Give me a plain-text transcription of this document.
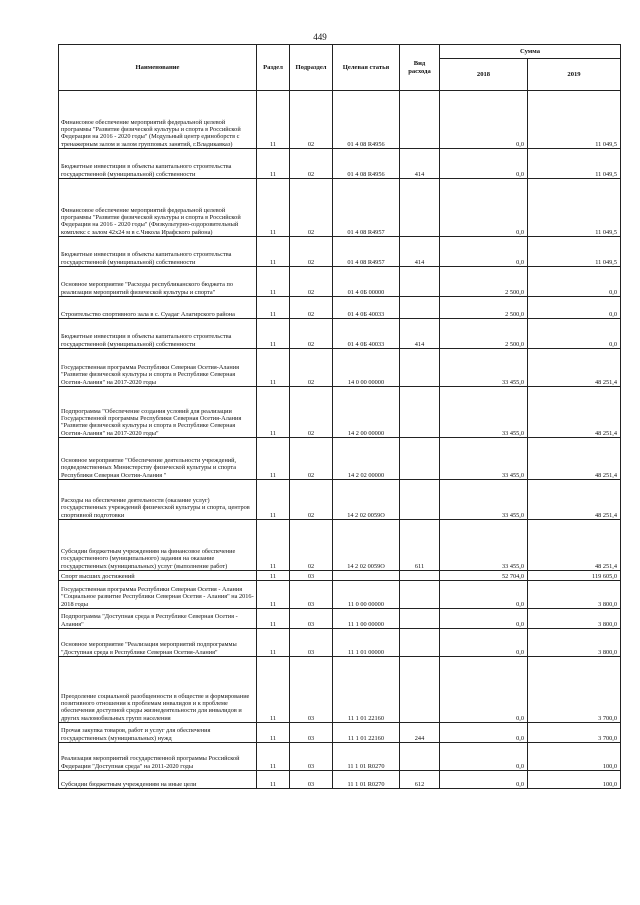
449
Наименование	Раздел	Подраздел	Целевая статья	Вид расхода	Сумма	
					2018	2019
Финансовое обеспечение мероприятий федеральной целевой программы "Развитие физической культуры и спорта в Российской Федерации на 2016 - 2020 годы" (Модульный центр единоборств с тренажерным залом и залом групповых занятий, г.Владикавказ)	11	02	01 4 08 R4956		0,0	11 049,5
Бюджетные инвестиции в объекты капитального строительства государственной (муниципальной) собственности	11	02	01 4 08 R4956	414	0,0	11 049,5
Финансовое обеспечение мероприятий федеральной целевой программы "Развитие физической культуры и спорта в Российской Федерации на 2016 - 2020 годы" (Физкультурно-оздоровительный комплекс с залом 42х24 м в с.Чикола Ирафского района)	11	02	01 4 08 R4957		0,0	11 049,5
Бюджетные инвестиции в объекты капитального строительства государственной (муниципальной) собственности	11	02	01 4 08 R4957	414	0,0	11 049,5
Основное мероприятие "Расходы республиканского бюджета по реализации мероприятий физической культуры и спорта"	11	02	01 4 0Б 00000		2 500,0	0,0
Строительство спортивного зала в с. Суадаг Алагирского района	11	02	01 4 0Б 40033		2 500,0	0,0
Бюджетные инвестиции в объекты капитального строительства государственной (муниципальной) собственности	11	02	01 4 0Б 40033	414	2 500,0	0,0
Государственная программа Республики Северная Осетия-Алания "Развитие физической культуры и спорта в Республике Северная Осетия-Алания" на 2017-2020 годы	11	02	14 0 00 00000		33 455,0	48 251,4
Подпрограмма "Обеспечение создания условий для реализации Государственной программы Республики Северная Осетия-Алания "Развитие физической культуры и спорта в Республике Северная Осетия-Алания" на 2017-2020 годы"	11	02	14 2 00 00000		33 455,0	48 251,4
Основное мероприятие "Обеспечение деятельности учреждений, подведомственных Министерству физической культуры и спорта Республики Северная Осетия-Алания "	11	02	14 2 02 00000		33 455,0	48 251,4
Расходы на обеспечение деятельности (оказание услуг) государственных учреждений физической культуры и спорта, центров спортивной подготовки	11	02	14 2 02 0059О		33 455,0	48 251,4
Субсидии бюджетным учреждениям на финансовое обеспечение государственного (муниципального) задания на оказание государственных (муниципальных) услуг (выполнение работ)	11	02	14 2 02 0059О	611	33 455,0	48 251,4
Спорт высших достижений	11	03			52 704,0	119 605,0
Государственная программа Республики Северная Осетия - Алания "Социальное развитие Республики Северная Осетия - Алания" на 2016-2018 годы	11	03	11 0 00 00000		0,0	3 800,0
Подпрограмма "Доступная среда в Республике Северная Осетия - Алания"	11	03	11 1 00 00000		0,0	3 800,0
Основное мероприятие "Реализация мероприятий подпрограммы "Доступная среда в Республике Северная Осетия-Алания"	11	03	11 1 01 00000		0,0	3 800,0
Преодоление социальной разобщенности в обществе и формирование позитивного отношения к проблемам инвалидов и к проблеме обеспечения доступной среды жизнедеятельности для инвалидов и других маломобильных групп населения	11	03	11 1 01 22160		0,0	3 700,0
Прочая закупка товаров, работ и услуг для обеспечения государственных (муниципальных) нужд	11	03	11 1 01 22160	244	0,0	3 700,0
Реализация мероприятий государственной программы Российской Федерации "Доступная среда" на 2011-2020 годы	11	03	11 1 01 R0270		0,0	100,0
Субсидии бюджетным учреждениям на иные цели	11	03	11 1 01 R0270	612	0,0	100,0
